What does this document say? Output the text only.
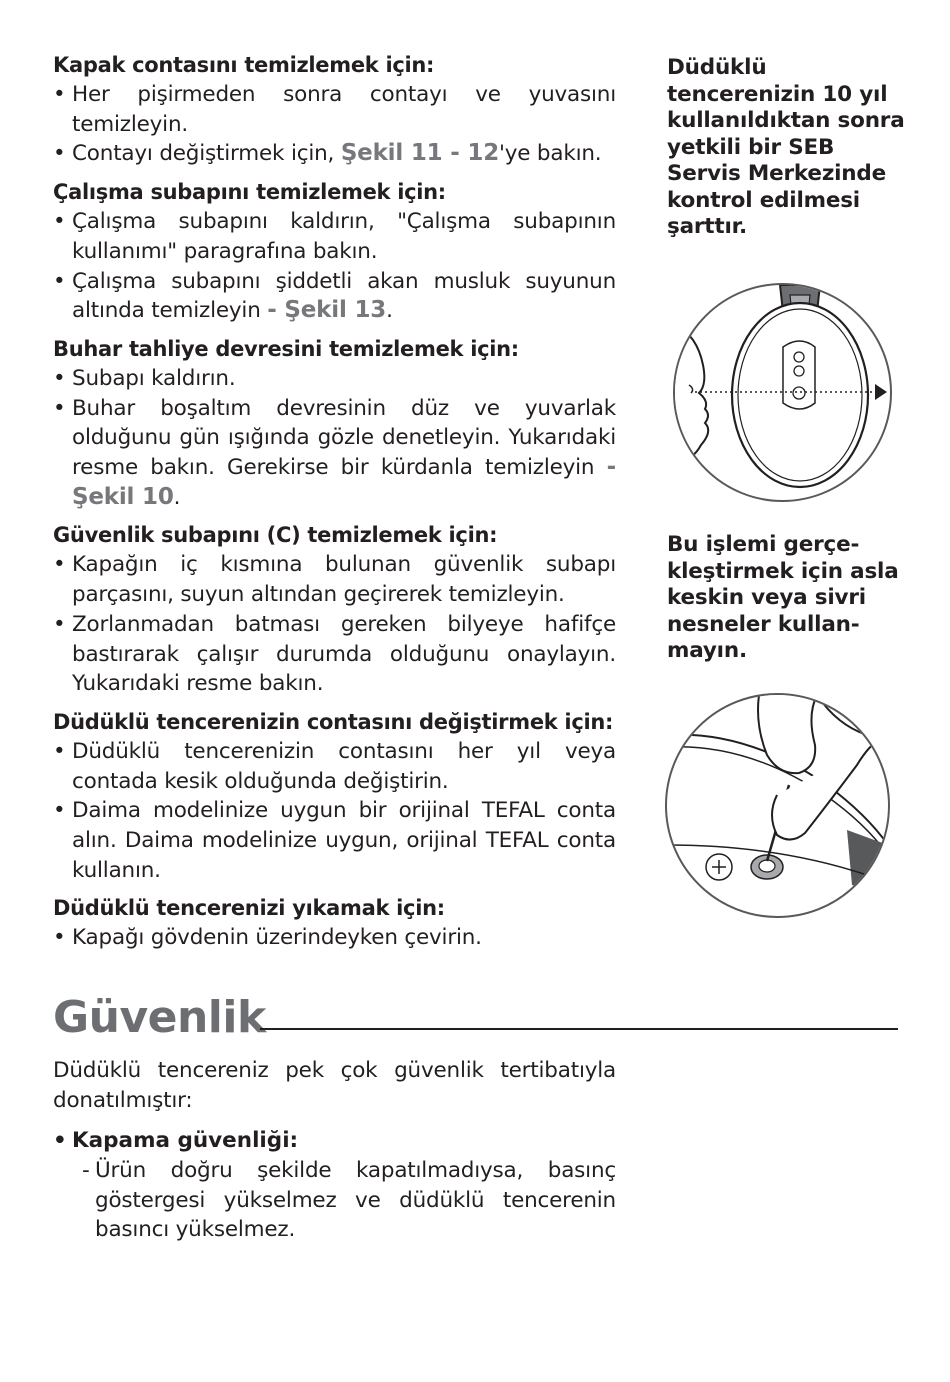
Kapak contasını temizlemek için:
• Her pişirmeden sonra contayı ve yuvasını temizleyin.
• Contayı değiştirmek için, Şekil 11 - 12'ye bakın.
Çalışma subapını temizlemek için:
• Çalışma subapını kaldırın, "Çalışma subapının kullanımı" paragrafına bakın.
• Çalışma subapını şiddetli akan musluk suyunun altında temizleyin - Şekil 13.
Buhar tahliye devresini temizlemek için:
• Subapı kaldırın.
• Buhar boşaltım devresinin düz ve yuvarlak olduğunu gün ışığında gözle denetleyin. Yukarıdaki resme bakın. Gerekirse bir kürdanla temizleyin - Şekil 10.
Güvenlik subapını (C) temizlemek için:
• Kapağın iç kısmına bulunan güvenlik subapı parçasını, suyun altından geçirerek temizleyin.
• Zorlanmadan batması gereken bilyeye hafifçe bastırarak çalışır durumda olduğunu onaylayın. Yukarıdaki resme bakın.
Düdüklü tencerenizin contasını değiştirmek için:
• Düdüklü tencerenizin contasını her yıl veya contada kesik olduğunda değiştirin.
• Daima modelinize uygun bir orijinal TEFAL conta alın. Daima modelinize uygun, orijinal TEFAL conta kullanın.
Düdüklü tencerenizi yıkamak için:
• Kapağı gövdenin üzerindeyken çevirin.
Düdüklü tencerenizin 10 yıl kullanıldıktan sonra yetkili bir SEB Servis Merkezinde kontrol edilmesi şarttır.
Bu işlemi gerçe-kleştirmek için asla keskin veya sivri nesneler kullan-mayın.
Güvenlik
Düdüklü tencereniz pek çok güvenlik tertibatıyla donatılmıştır:
• Kapama güvenliği:
- Ürün doğru şekilde kapatılmadıysa, basınç göstergesi yükselmez ve düdüklü tencerenin basıncı yükselmez.
